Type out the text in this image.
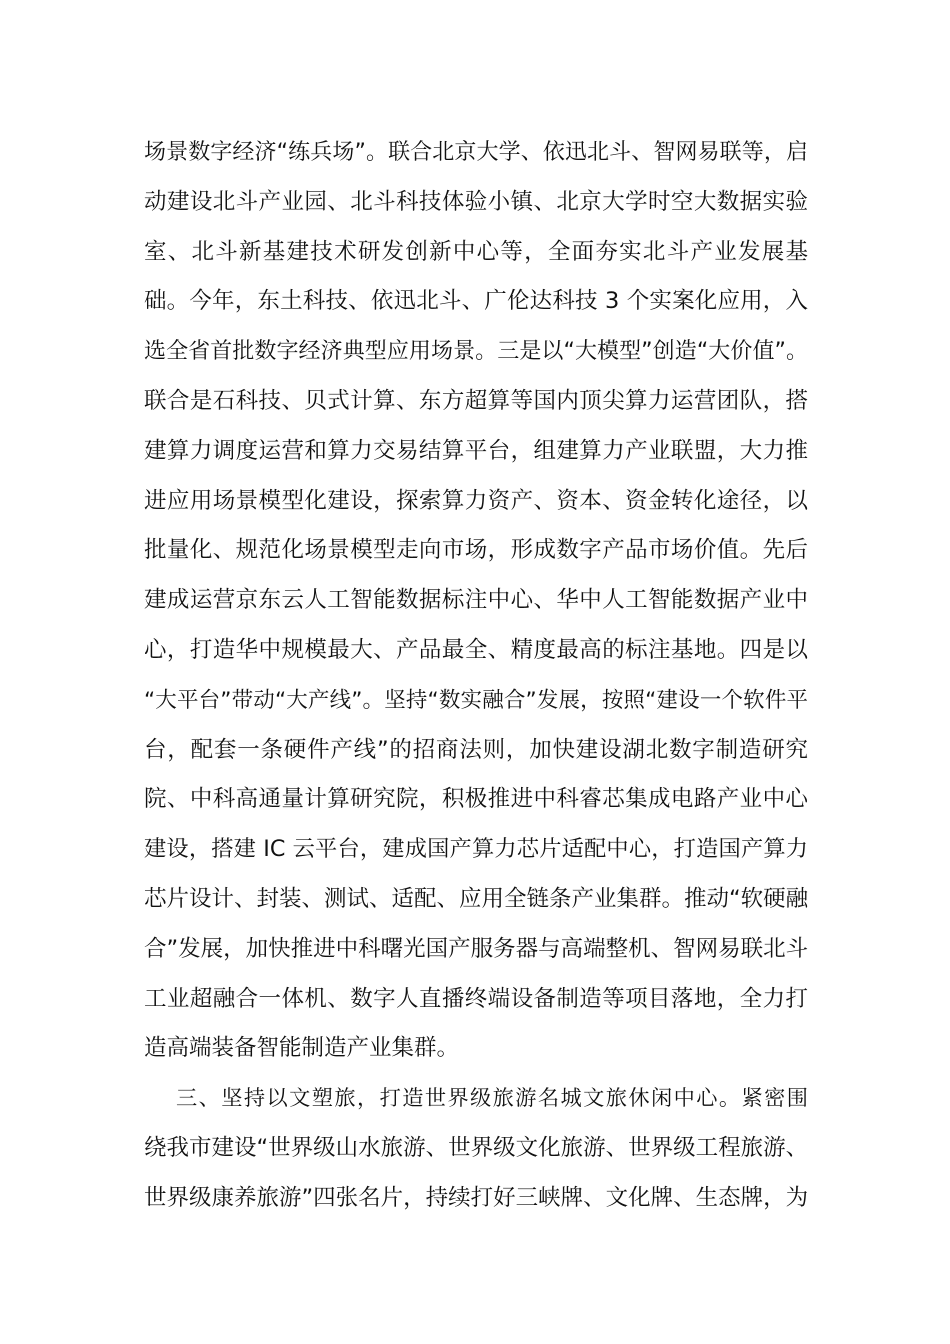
场景数字经济“练兵场”。联合北京大学、依迅北斗、智网易联等，启
动建设北斗产业园、北斗科技体验小镇、北京大学时空大数据实验
室、北斗新基建技术研发创新中心等，全面夯实北斗产业发展基
础。今年，东土科技、依迅北斗、广伦达科技 3 个实案化应用，入
选全省首批数字经济典型应用场景。三是以“大模型”创造“大价值”。
联合是石科技、贝式计算、东方超算等国内顶尖算力运营团队，搭
建算力调度运营和算力交易结算平台，组建算力产业联盟，大力推
进应用场景模型化建设，探索算力资产、资本、资金转化途径，以
批量化、规范化场景模型走向市场，形成数字产品市场价值。先后
建成运营京东云人工智能数据标注中心、华中人工智能数据产业中
心，打造华中规模最大、产品最全、精度最高的标注基地。四是以
“大平台”带动“大产线”。坚持“数实融合”发展，按照“建设一个软件平
台，配套一条硬件产线”的招商法则，加快建设湖北数字制造研究
院、中科高通量计算研究院，积极推进中科睿芯集成电路产业中心
建设，搭建 IC 云平台，建成国产算力芯片适配中心，打造国产算力
芯片设计、封装、测试、适配、应用全链条产业集群。推动“软硬融
合”发展，加快推进中科曙光国产服务器与高端整机、智网易联北斗
工业超融合一体机、数字人直播终端设备制造等项目落地，全力打
造高端装备智能制造产业集群。
三、坚持以文塑旅，打造世界级旅游名城文旅休闲中心。紧密围
绕我市建设“世界级山水旅游、世界级文化旅游、世界级工程旅游、
世界级康养旅游”四张名片，持续打好三峡牌、文化牌、生态牌，为
